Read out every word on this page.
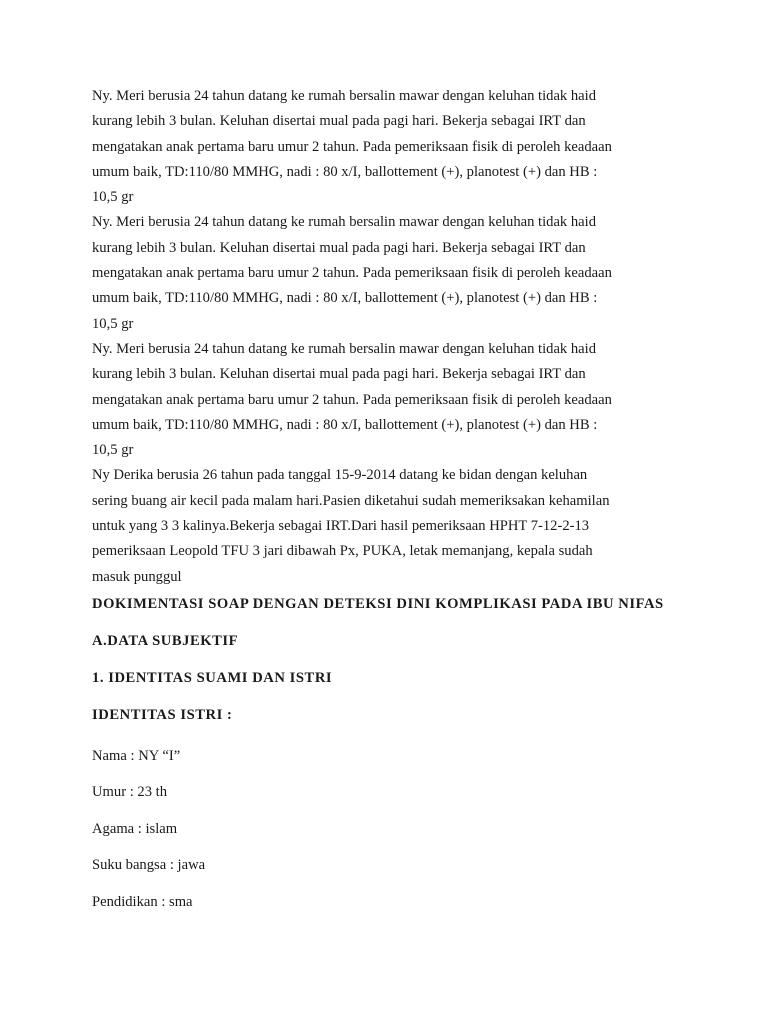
Ny. Meri berusia 24 tahun datang ke rumah bersalin mawar dengan keluhan tidak haid
kurang lebih 3 bulan. Keluhan disertai mual pada pagi hari. Bekerja sebagai IRT dan
mengatakan anak pertama baru umur 2 tahun. Pada pemeriksaan fisik di peroleh keadaan
umum baik, TD:110/80 MMHG, nadi : 80 x/I, ballottement (+), planotest (+) dan HB :
10,5 gr
Ny. Meri berusia 24 tahun datang ke rumah bersalin mawar dengan keluhan tidak haid
kurang lebih 3 bulan. Keluhan disertai mual pada pagi hari. Bekerja sebagai IRT dan
mengatakan anak pertama baru umur 2 tahun. Pada pemeriksaan fisik di peroleh keadaan
umum baik, TD:110/80 MMHG, nadi : 80 x/I, ballottement (+), planotest (+) dan HB :
10,5 gr
Ny. Meri berusia 24 tahun datang ke rumah bersalin mawar dengan keluhan tidak haid
kurang lebih 3 bulan. Keluhan disertai mual pada pagi hari. Bekerja sebagai IRT dan
mengatakan anak pertama baru umur 2 tahun. Pada pemeriksaan fisik di peroleh keadaan
umum baik, TD:110/80 MMHG, nadi : 80 x/I, ballottement (+), planotest (+) dan HB :
10,5 gr
Ny Derika berusia 26 tahun pada tanggal 15-9-2014 datang ke bidan dengan keluhan
sering buang air kecil pada malam hari.Pasien diketahui sudah memeriksakan kehamilan
untuk yang 3 3 kalinya.Bekerja sebagai IRT.Dari hasil pemeriksaan HPHT 7-12-2-13
pemeriksaan Leopold TFU 3 jari dibawah Px, PUKA, letak memanjang, kepala sudah
masuk punggul
DOKIMENTASI SOAP DENGAN DETEKSI DINI KOMPLIKASI PADA IBU NIFAS
A.DATA SUBJEKTIF
1. IDENTITAS SUAMI DAN ISTRI
IDENTITAS ISTRI :
Nama : NY “I”
Umur : 23 th
Agama : islam
Suku bangsa : jawa
Pendidikan : sma
